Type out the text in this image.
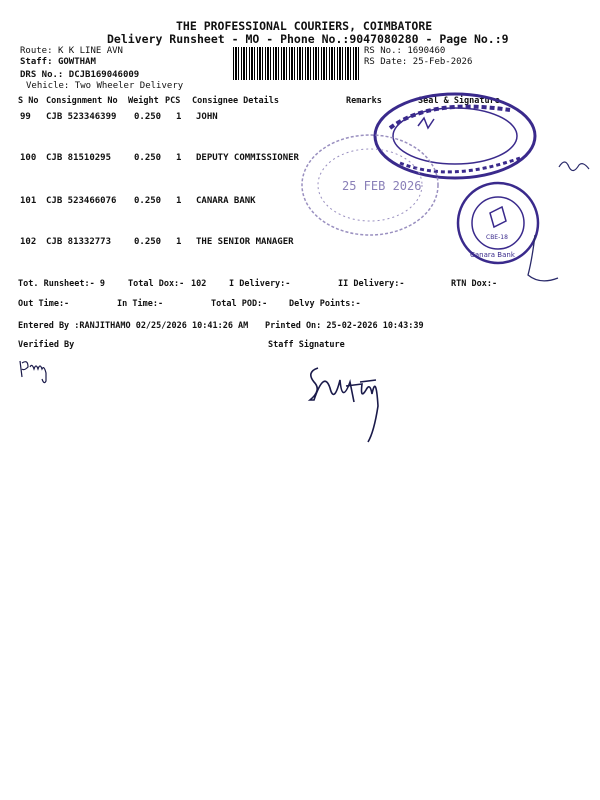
THE PROFESSIONAL COURIERS, COIMBATORE
Delivery Runsheet - MO - Phone No.:9047080280 - Page No.:9
Route: K K LINE AVN
Staff: GOWTHAM
DRS No.: DCJB169046009
Vehicle: Two Wheeler Delivery
RS No.: 1690460
RS Date: 25-Feb-2026
S No Consignment No Weight PCS Consignee Details	Remarks	Seal & Signature
99 CJB 523346399 0.250 1 JOHN
100 CJB 81510295	0.250 1 DEPUTY COMMISSIONER
101 CJB 523466076 0.250 1 CANARA BANK
102 CJB 81332773	0.250 1 THE SENIOR MANAGER
25 FEB 2026
Canara Bank
CBE-18
Tot. Runsheet:- 9	Total Dox:- 102	I Delivery:-	II Delivery:-	RTN Dox:-
Out Time:-	In Time:-	Total POD:-	Delvy Points:-
Entered By :RANJITHAMO 02/25/2026 10:41:26 AM Printed On: 25-02-2026 10:43:39
Verified By	Staff Signature
